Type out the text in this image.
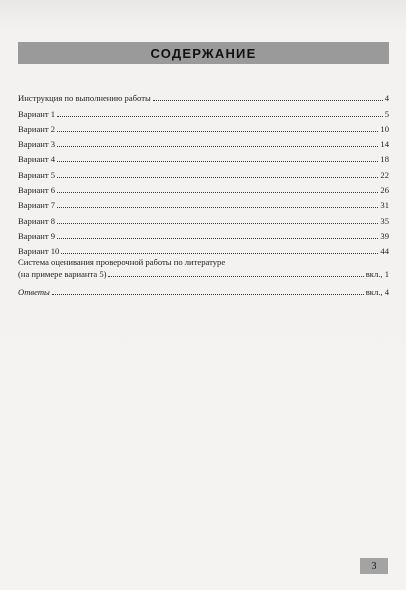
СОДЕРЖАНИЕ
Инструкция по выполнению работы	4
Вариант 1	5
Вариант 2	10
Вариант 3	14
Вариант 4	18
Вариант 5	22
Вариант 6	26
Вариант 7	31
Вариант 8	35
Вариант 9	39
Вариант 10	44
Система оценивания проверочной работы по литературе
(на примере варианта 5)	вкл., 1
Ответы	вкл., 4
3
